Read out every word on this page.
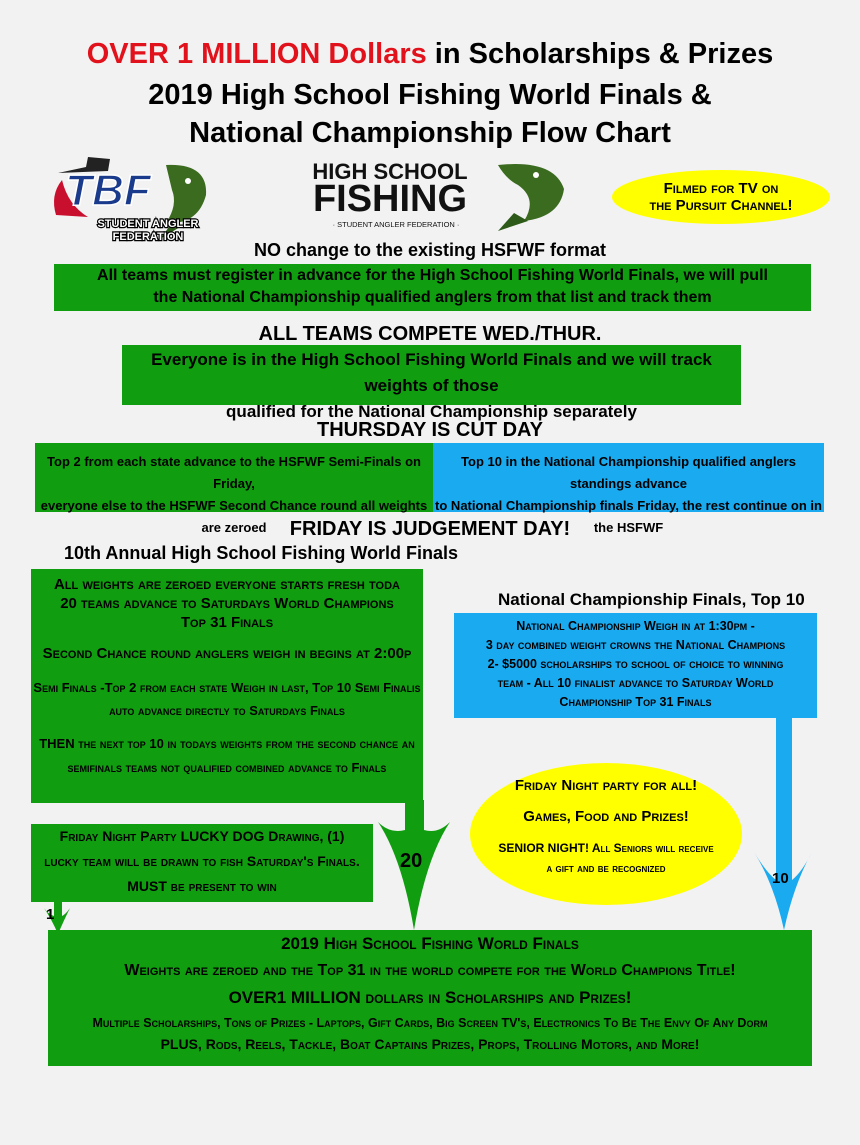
OVER 1 MILLION Dollars in Scholarships & Prizes
2019 High School Fishing World Finals &
National Championship Flow Chart
TBF
STUDENT ANGLER
FEDERATION
HIGH SCHOOL
FISHING
· STUDENT ANGLER FEDERATION ·
Filmed for TV on
the Pursuit Channel!
NO change to the existing HSFWF format
All teams must register in advance for the High School Fishing World Finals, we will pull
the National Championship qualified anglers from that list and track them
ALL TEAMS COMPETE WED./THUR.
Everyone is in the High School Fishing World Finals and we will track weights of those
qualified for the National Championship separately
THURSDAY IS CUT DAY
Top 2 from each state advance to the HSFWF Semi-Finals on Friday,
everyone else to the HSFWF Second Chance round all weights are zeroed
Top 10 in the National Championship qualified anglers standings advance
to National Championship finals Friday, the rest continue on in the HSFWF
FRIDAY IS JUDGEMENT DAY!
10th Annual High School Fishing World Finals
National Championship Finals, Top 10
20
10
1
All weights are zeroed everyone starts fresh toda
20 teams advance to Saturdays World Champions
Top 31 Finals
Second Chance round anglers weigh in begins at 2:00p
Semi Finals -Top 2 from each state Weigh in last, Top 10 Semi Finalis
auto advance directly to Saturdays Finals
THEN the next top 10 in todays weights from the second chance an
semifinals teams not qualified combined advance to Finals
National Championship Weigh in at 1:30pm -
3 day combined weight crowns the National Champions
2- $5000 scholarships to school of choice to winning
team - All 10 finalist advance to Saturday World
Championship Top 31 Finals
Friday Night Party LUCKY DOG Drawing, (1)
lucky team will be drawn to fish Saturday's Finals.
MUST be present to win
Friday Night party for all!
Games, Food and Prizes!
SENIOR NIGHT! All Seniors will receive
a gift and be recognized
2019 High School Fishing World Finals
Weights are zeroed and the Top 31 in the world compete for the World Champions Title!
OVER1 MILLION dollars in Scholarships and Prizes!
Multiple Scholarships, Tons of Prizes - Laptops, Gift Cards, Big Screen TV's, Electronics To Be The Envy Of Any Dorm
PLUS, Rods, Reels, Tackle, Boat Captains Prizes, Props, Trolling Motors, and More!
